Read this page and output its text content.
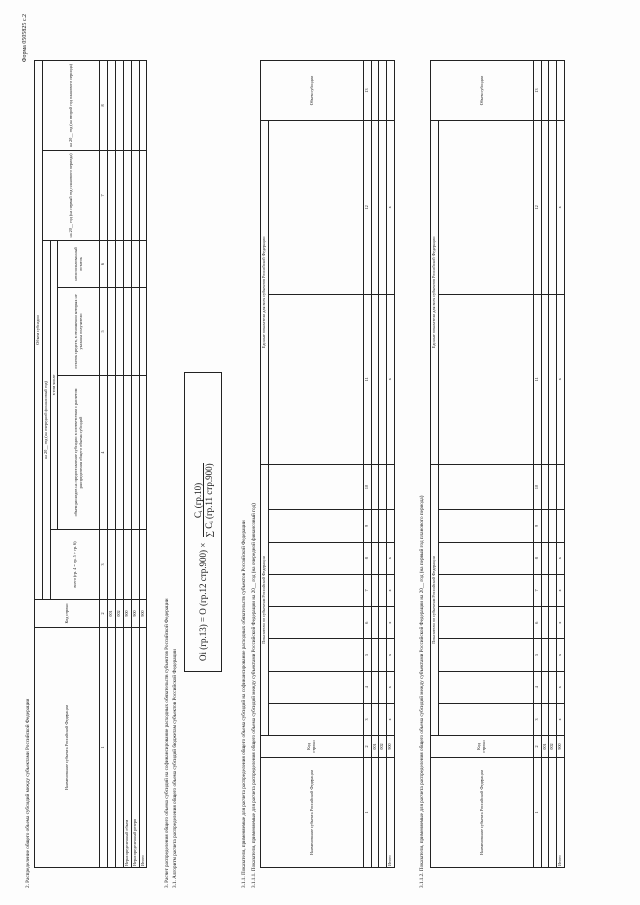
Форма 0505825 с.2
2. Распределение общего объема субсидий между субъектами Российской Федерации	Наименование субъекта Российской Федерации	Код строки	Объем субсидии					
		на 20__ год (на очередной финансовый год)				на 20__ год (на первый год планового периода)	на 20__ год (на второй год планового периода)
		всего (гр. 4 = гр. 5 + гр. 6)	в том числе				
			объем расходов на предоставление субсидии в соответствии с расчетом распределения общего объема субсидий	остаток средств, в отношении которых не указаны получатели	неиспользованный остаток		
1	2	3	4	5	6	7	8
	001						
	002						
Нераспределенный объем	900						
Нераспределенный резерв	900						
Итого	900							3. Расчет распределения общего объема субсидий на софинансирование расходных обязательств субъектов Российской Федерации 3.1. Алгоритм расчета распределения общего объема субсидий бюджетам субъектов Российской Федерации
Оi (гр.13) = О (гр.12 стр.900) ×
Cᵢ (гр.10) ∑ Cᵢ (гр.11 стр.900)
3.1.1. Показатели, применяемые для расчета распределения общего объема субсидий на софинансирование расходных обязательств субъектов Российской Федерации 3.1.1.1. Показатели, применяемые для расчета распределения общего объема субсидий между субъектами Российской Федерации на 20__ год (на очередной финансовый год)	Наименование субъекта Российской Федерации	Код строки	Показатели по субъектам Российской Федерации								Единые показатели для всех субъектов Российской Федерации		Объем субсидии

1	2	3	4	5	6	7	8	9	10	11	12	13
	001											
	002											
Итого	900	x	x	x	x	x	x			x	x	
3.1.1.2. Показатели, применяемые для расчета распределения общего объема субсидий между субъектами Российской Федерации на 20__ год (на первый год планового периода)	Наименование субъекта Российской Федерации	Код строки	Показатели по субъектам Российской Федерации								Единые показатели для всех субъектов Российской Федерации		Объем субсидии

1	2	3	4	5	6	7	8	9	10	11	12	13
	001											
	002											
Итого	900	x	x	x	x	x	x			x	x	
